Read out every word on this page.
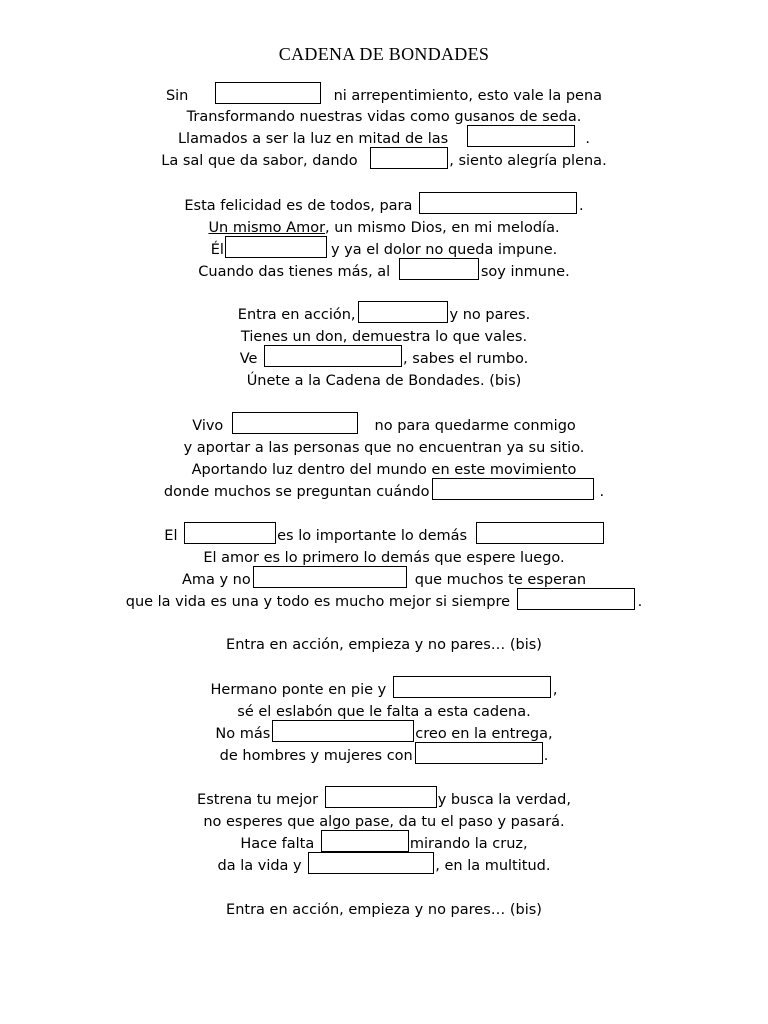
CADENA DE BONDADES
Sin	ni arrepentimiento, esto vale la pena
Transformando nuestras vidas como gusanos de seda.
Llamados a ser la luz en mitad de las	.
La sal que da sabor, dando	, siento alegría plena.
Esta felicidad es de todos, para	.
Un mismo Amor, un mismo Dios, en mi melodía.
Él	y ya el dolor no queda impune.
Cuando das tienes más, al	soy inmune.
Entra en acción,	y no pares.
Tienes un don, demuestra lo que vales.
Ve	, sabes el rumbo.
Únete a la Cadena de Bondades. (bis)
Vivo	no para quedarme conmigo
y aportar a las personas que no encuentran ya su sitio.
Aportando luz dentro del mundo en este movimiento
donde muchos se preguntan cuándo	.
El	es lo importante lo demás
El amor es lo primero lo demás que espere luego.
Ama y no	que muchos te esperan
que la vida es una y todo es mucho mejor si siempre	.
Entra en acción, empieza y no pares… (bis)
Hermano ponte en pie y	,
sé el eslabón que le falta a esta cadena.
No más	creo en la entrega,
de hombres y mujeres con	.
Estrena tu mejor	y busca la verdad,
no esperes que algo pase, da tu el paso y pasará.
Hace falta	mirando la cruz,
da la vida y	, en la multitud.
Entra en acción, empieza y no pares… (bis)
